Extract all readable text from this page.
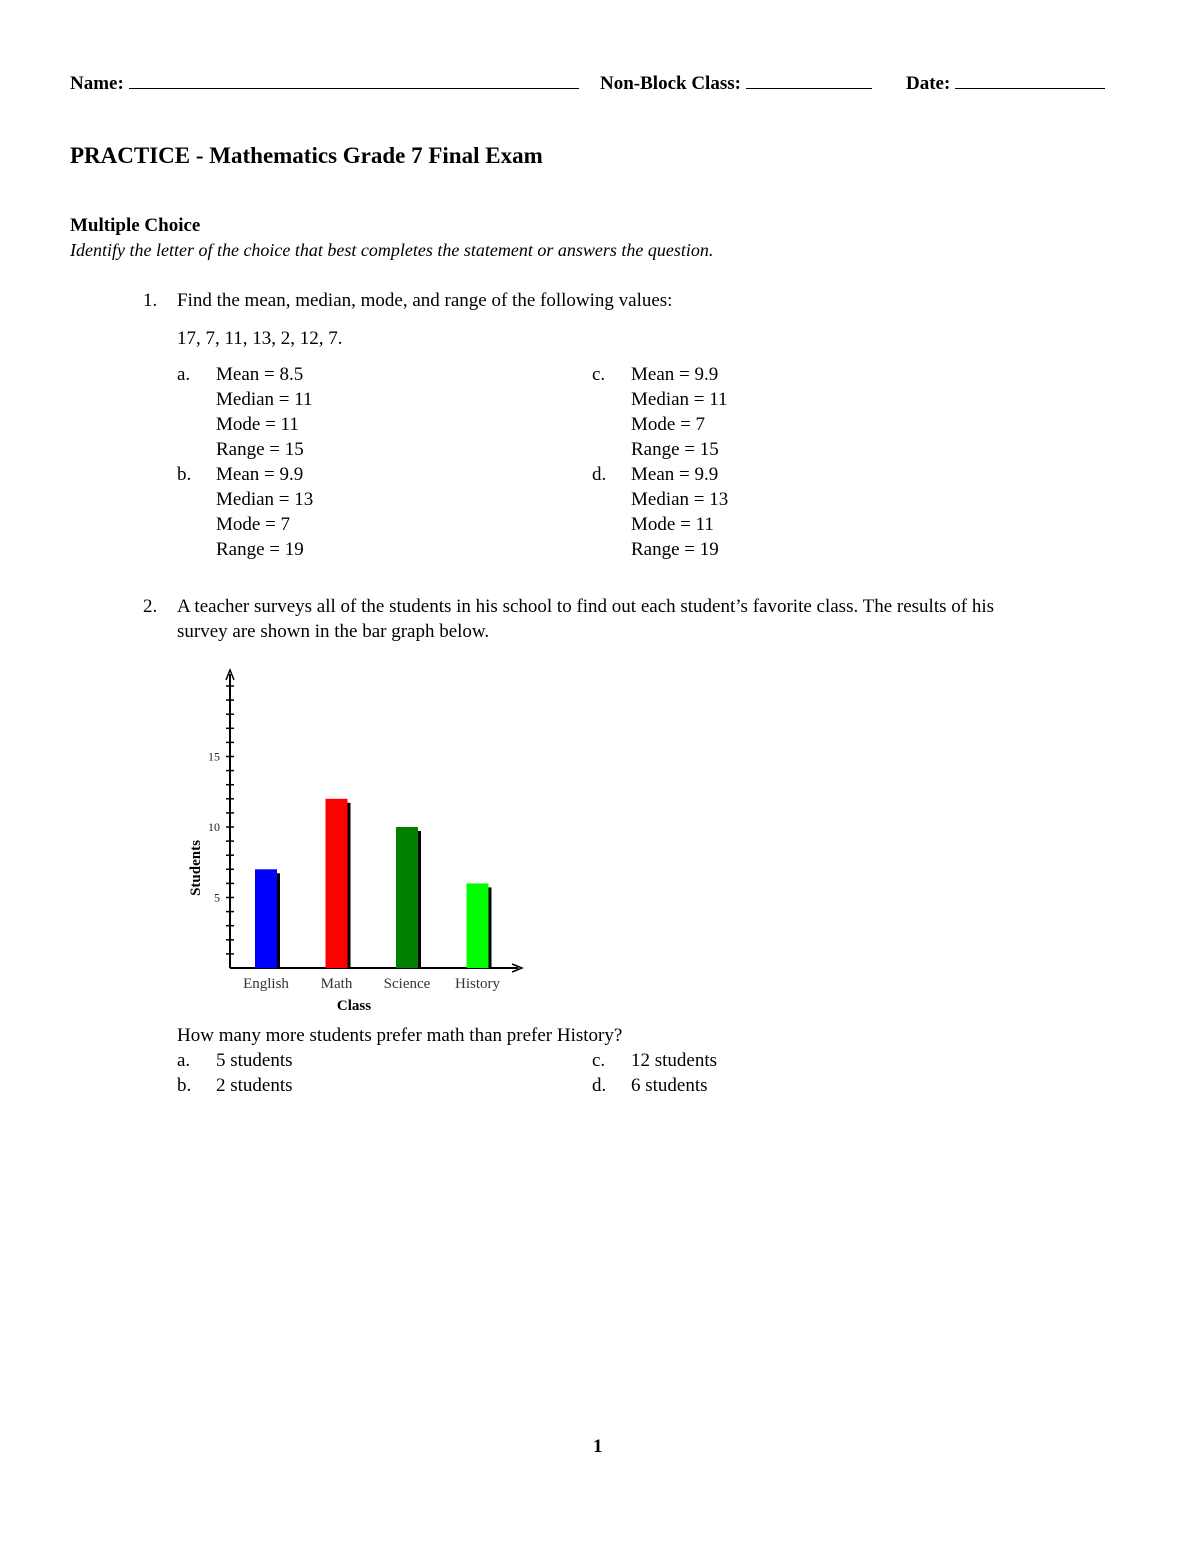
Name:	Non-Block Class:	Date:
PRACTICE - Mathematics Grade 7 Final Exam
Multiple Choice
Identify the letter of the choice that best completes the statement or answers the question.
1. Find the mean, median, mode, and range of the following values:
17, 7, 11, 13, 2, 12, 7.
a. Mean = 8.5
Median = 11
Mode = 11
Range = 15
b. Mean = 9.9
Median = 13
Mode = 7
Range = 19
c. Mean = 9.9
Median = 11
Mode = 7
Range = 15
d. Mean = 9.9
Median = 13
Mode = 11
Range = 19
2. A teacher surveys all of the students in his school to find out each student’s favorite class. The results of his
survey are shown in the bar graph below.
5
10
15
English Math Science History
Class
Students
How many more students prefer math than prefer History?
a. 5 students
b. 2 students
c. 12 students
d. 6 students
1
